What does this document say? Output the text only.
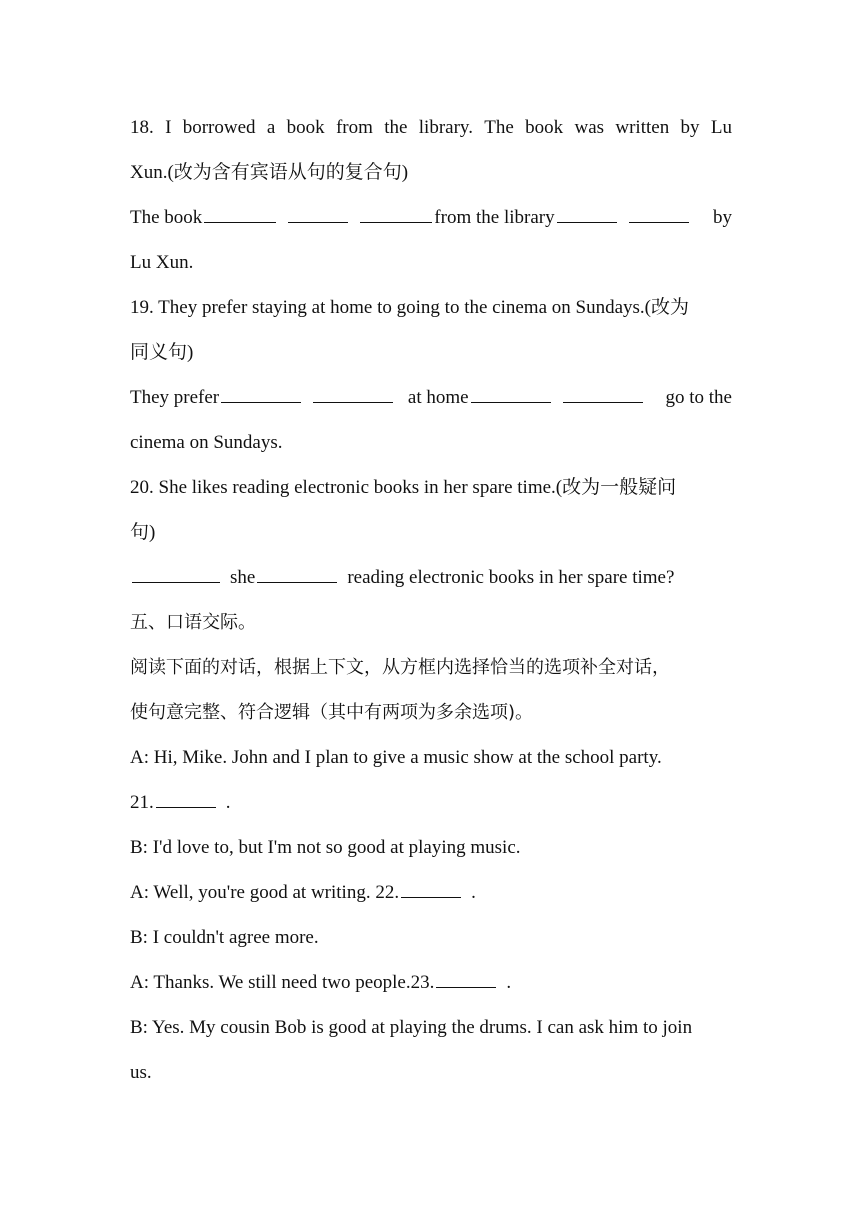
18. I borrowed a book from the library. The book was written by Lu
Xun.(改为含有宾语从句的复合句)
The book	from the library	by
Lu Xun.
19. They prefer staying at home to going to the cinema on Sundays.(改为
同义句)
They prefer	at home	go to the
cinema on Sundays.
20. She likes reading electronic books in her spare time.(改为一般疑问
句)
she	reading electronic books in her spare time?
五、口语交际。
阅读下面的对话，根据上下文，从方框内选择恰当的选项补全对话，
使句意完整、符合逻辑（其中有两项为多余选项)。
A: Hi, Mike. John and I plan to give a music show at the school party.
21.	.
B: I'd love to, but I'm not so good at playing music.
A: Well, you're good at writing. 22.	.
B: I couldn't agree more.
A: Thanks. We still need two people.23.	.
B: Yes. My cousin Bob is good at playing the drums. I can ask him to join
us.
